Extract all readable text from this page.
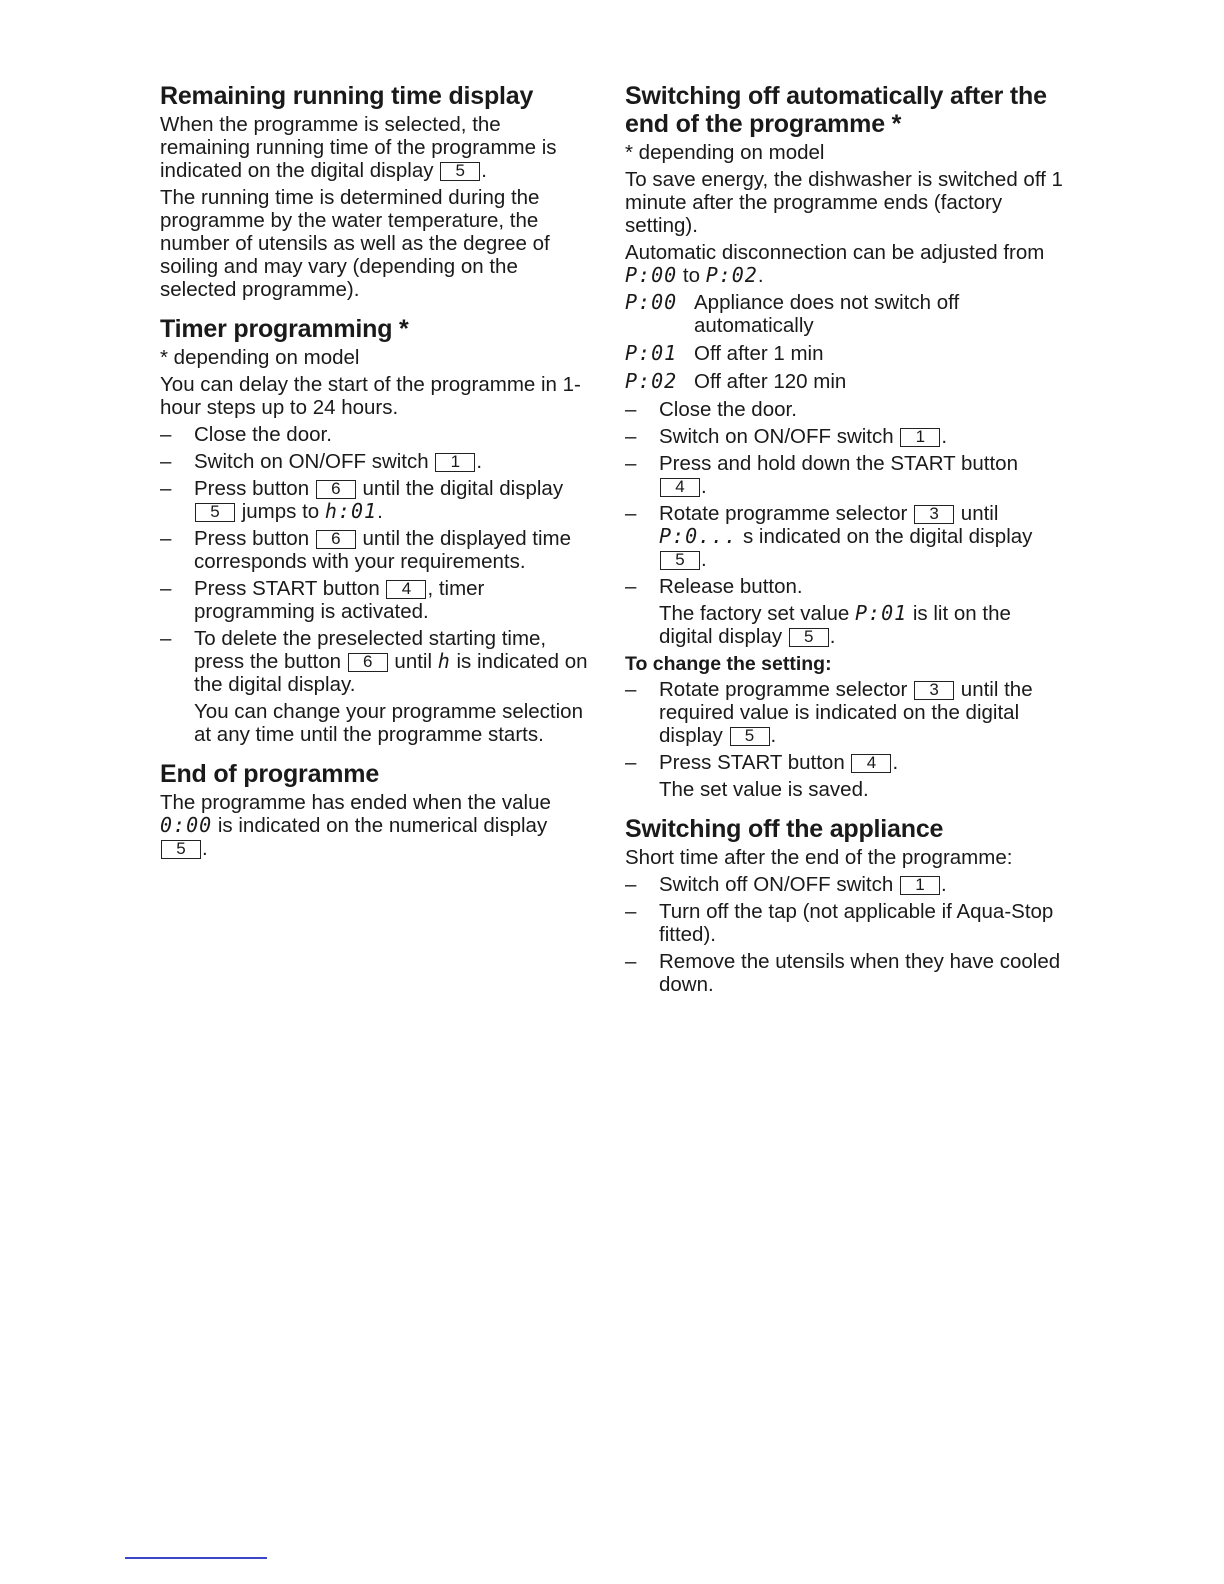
Remaining running time display

When the programme is selected, the remaining running time of the programme is indicated on the digital display 5 .

The running time is determined during the programme by the water temperature, the number of utensils as well as the degree of soiling and may vary (depending on the selected programme).

Timer programming *

* depending on model

You can delay the start of the programme in 1-hour steps up to 24 hours.

– Close the door.
– Switch on ON/OFF switch 1 .
– Press button 6 until the digital display 5 jumps to h:01.
– Press button 6 until the displayed time corresponds with your requirements.
– Press START button 4 , timer programming is activated.
– To delete the preselected starting time, press the button 6 until h is indicated on the digital display.

You can change your programme selection at any time until the programme starts.

End of programme

The programme has ended when the value 0:00 is indicated on the numerical display 5 .

Switching off automatically after the end of the programme *

* depending on model

To save energy, the dishwasher is switched off 1 minute after the programme ends (factory setting).

Automatic disconnection can be adjusted from P:00 to P:02.

P:00 Appliance does not switch off automatically
P:01 Off after 1 min
P:02 Off after 120 min
– Close the door.
– Switch on ON/OFF switch 1 .
– Press and hold down the START button 4 .
– Rotate programme selector 3 until P:0... s indicated on the digital display 5 .
– Release button.

The factory set value P:01 is lit on the digital display 5 .

To change the setting:
– Rotate programme selector 3 until the required value is indicated on the digital display 5 .
– Press START button 4 .

The set value is saved.

Switching off the appliance

Short time after the end of the programme:

– Switch off ON/OFF switch 1 .
– Turn off the tap (not applicable if Aqua-Stop fitted).
– Remove the utensils when they have cooled down.
